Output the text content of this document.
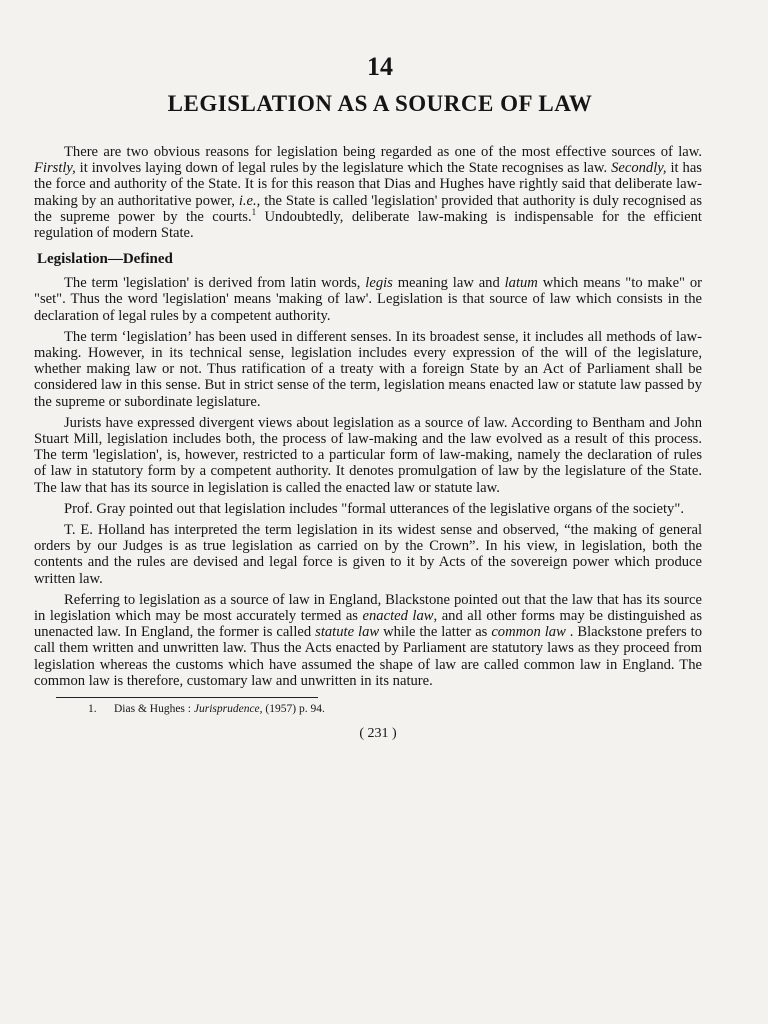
14
LEGISLATION AS A SOURCE OF LAW

There are two obvious reasons for legislation being regarded as one of the most effective sources of law. Firstly, it involves laying down of legal rules by the legislature which the State recognises as law. Secondly, it has the force and authority of the State. It is for this reason that Dias and Hughes have rightly said that deliberate law-making by an authoritative power, i.e., the State is called 'legislation' provided that authority is duly recognised as the supreme power by the courts.$^1$ Undoubtedly, deliberate law-making is indispensable for the efficient regulation of modern State.

Legislation—Defined

The term 'legislation' is derived from latin words, legis meaning law and latum which means "to make" or "set". Thus the word 'legislation' means 'making of law'. Legislation is that source of law which consists in the declaration of legal rules by a competent authority.

The term ‘legislation’ has been used in different senses. In its broadest sense, it includes all methods of law-making. However, in its technical sense, legislation includes every expression of the will of the legislature, whether making law or not. Thus ratification of a treaty with a foreign State by an Act of Parliament shall be considered law in this sense. But in strict sense of the term, legislation means enacted law or statute law passed by the supreme or subordinate legislature.

Jurists have expressed divergent views about legislation as a source of law. According to Bentham and John Stuart Mill, legislation includes both, the process of law-making and the law evolved as a result of this process. The term 'legislation', is, however, restricted to a particular form of law-making, namely the declaration of rules of law in statutory form by a competent authority. It denotes promulgation of law by the legislature of the State. The law that has its source in legislation is called the enacted law or statute law.

Prof. Gray pointed out that legislation includes "formal utterances of the legislative organs of the society".

T. E. Holland has interpreted the term legislation in its widest sense and observed, “the making of general orders by our Judges is as true legislation as carried on by the Crown”. In his view, in legislation, both the contents and the rules are devised and legal force is given to it by Acts of the sovereign power which produce written law.

Referring to legislation as a source of law in England, Blackstone pointed out that the law that has its source in legislation which may be most accurately termed as enacted law, and all other forms may be distinguished as unenacted law. In England, the former is called statute law while the latter as common law . Blackstone prefers to call them written and unwritten law. Thus the Acts enacted by Parliament are statutory laws as they proceed from legislation whereas the customs which have assumed the shape of law are called common law in England. The common law is therefore, customary law and unwritten in its nature.

1. Dias & Hughes : Jurisprudence, (1957) p. 94.
( 231 )
